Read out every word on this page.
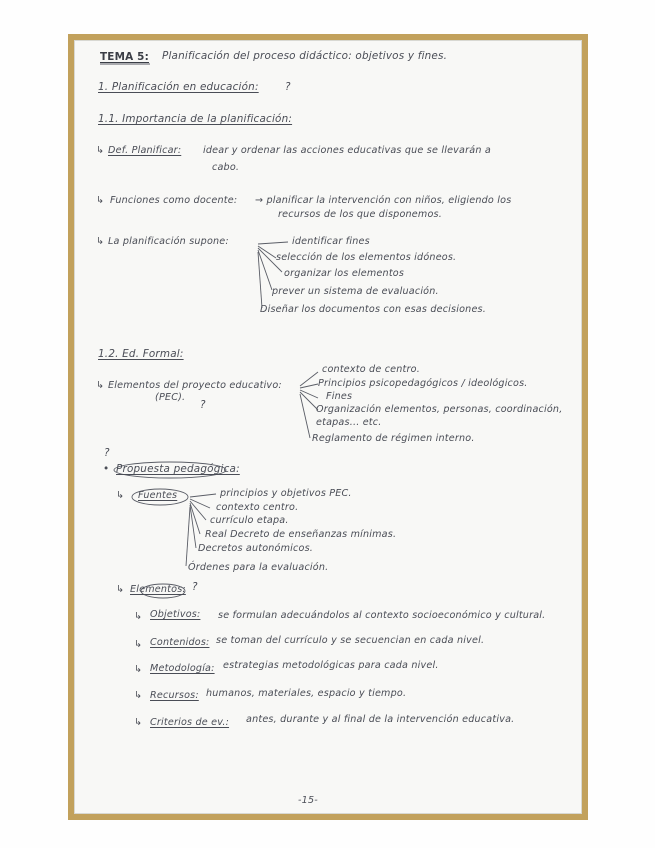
TEMA 5: Planificación del proceso didáctico: objetivos y fines.
1. Planificación en educación:	?
1.1. Importancia de la planificación:
↳ Def. Planificar: idear y ordenar las acciones educativas que se llevarán a
cabo.
↳ Funciones como docente: → planificar la intervención con niños, eligiendo los
recursos de los que disponemos.
↳ La planificación supone:	identificar fines
selección de los elementos idóneos.
organizar los elementos
prever un sistema de evaluación.
Diseñar los documentos con esas decisiones.
1.2. Ed. Formal:
↳ Elementos del proyecto educativo:
(PEC).
?
contexto de centro.
Principios psicopedagógicos / ideológicos.
Fines
Organización elementos, personas, coordinación,
etapas... etc.
Reglamento de régimen interno.
?
• Propuesta pedagógica:
↳ Fuentes	principios y objetivos PEC.
contexto centro.
currículo etapa.
Real Decreto de enseñanzas mínimas.
Decretos autonómicos.
Órdenes para la evaluación.
↳ Elementos: ?
↳ Objetivos: se formulan adecuándolos al contexto socioeconómico y cultural.
↳ Contenidos: se toman del currículo y se secuencian en cada nivel.
↳ Metodología: estrategias metodológicas para cada nivel.
↳ Recursos: humanos, materiales, espacio y tiempo.
↳ Criterios de ev.: antes, durante y al final de la intervención educativa.
-15-
